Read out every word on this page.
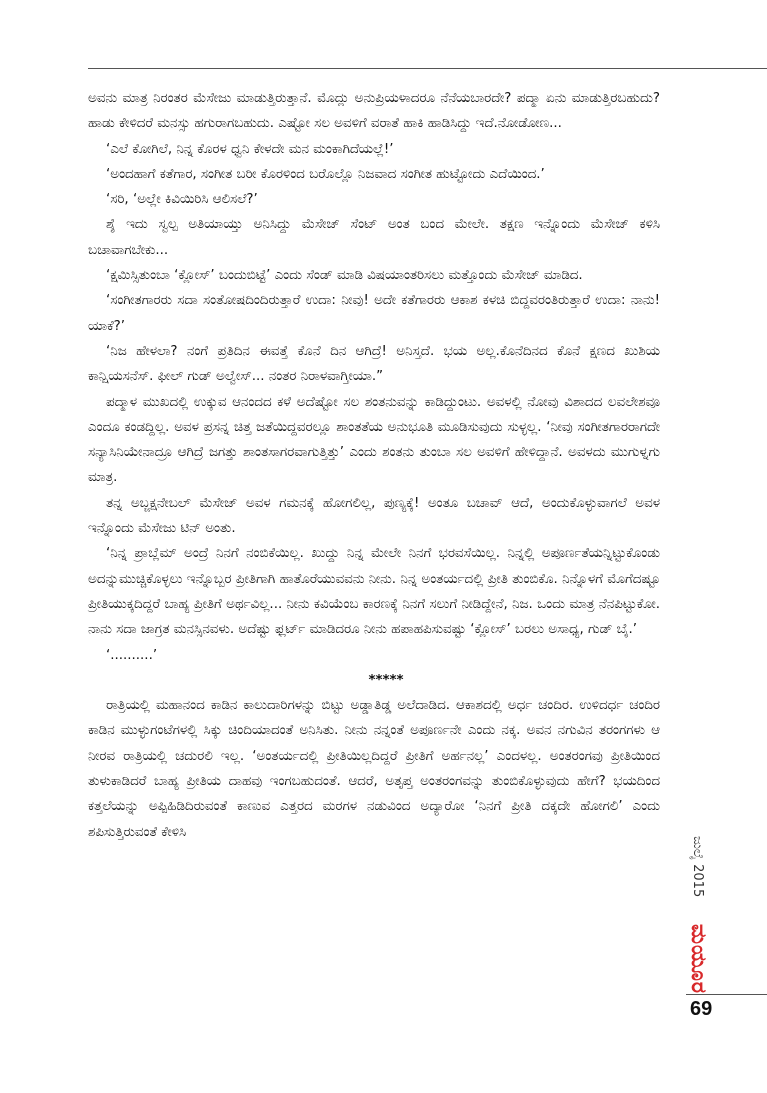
ಅವನು ಮಾತ್ರ ನಿರಂತರ ಮೆಸೇಜು ಮಾಡುತ್ತಿರುತ್ತಾನೆ. ಮೊದ್ಲು ಅನುಪ್ರಿಯಳಾದರೂ ನೆನೆಯಬಾರದೇ? ಪದ್ಮಾ ಏನು ಮಾಡುತ್ತಿರಬಹುದು? ಹಾಡು ಕೇಳಿದರೆ ಮನಸ್ಸು ಹಗುರಾಗಬಹುದು. ಎಷ್ಟೋ ಸಲ ಅವಳಿಗೆ ವರಾತೆ ಹಾಕಿ ಹಾಡಿಸಿದ್ದು ಇದೆ.ನೋಡೋಣ...

‘ಎಲೆ ಕೋಗಿಲೆ, ನಿನ್ನ ಕೊರಳ ಧ್ವನಿ ಕೇಳದೇ ಮನ ಮಂಕಾಗಿದೆಯಲ್ಲೆ!’

‘ಅಂದಹಾಗೆ ಕತೆಗಾರ, ಸಂಗೀತ ಬರೀ ಕೊರಳಿಂದ ಬರೊಲ್ಲೊ ನಿಜವಾದ ಸಂಗೀತ ಹುಟ್ಟೋದು ಎದೆಯಿಂದ.’

‘ಸರಿ, ‘ಅಲ್ಲೇ ಕಿವಿಯಿರಿಸಿ ಆಲಿಸಲೆ?’

ಶ್ಶೆ ಇದು ಸ್ವಲ್ಪ ಅತಿಯಾಯ್ತು ಅನಿಸಿದ್ದು ಮೆಸೇಜ್ ಸೆಂಟ್ ಅಂತ ಬಂದ ಮೇಲೇ. ತಕ್ಷಣ ಇನ್ನೊಂದು ಮೆಸೇಜ್ ಕಳಿಸಿ ಬಚಾವಾಗಬೇಕು...

‘ಕ್ಷಮಿಸ್ಸಿತುಂಬಾ ‘ಕ್ಲೋಸ್’ ಬಂದುಬಿಟ್ಟೆ’ ಎಂದು ಸೆಂಡ್ ಮಾಡಿ ವಿಷಯಾಂತರಿಸಲು ಮತ್ತೊಂದು ಮೆಸೇಜ್ ಮಾಡಿದ.

‘ಸಂಗೀತಗಾರರು ಸದಾ ಸಂತೋಷದಿಂದಿರುತ್ತಾರೆ ಉದಾ: ನೀವು! ಅದೇ ಕತೆಗಾರರು ಆಕಾಶ ಕಳಚಿ ಬಿದ್ದವರಂತಿರುತ್ತಾರೆ ಉದಾ: ನಾನು! ಯಾಕೆ?’

‘ನಿಜ ಹೇಳಲಾ? ನಂಗೆ ಪ್ರತಿದಿನ ಈವತ್ತೆ ಕೊನೆ ದಿನ ಆಗಿದ್ರೆ! ಅನಿಸ್ತದೆ. ಭಯ ಅಲ್ಲ.ಕೊನೆದಿನದ ಕೊನೆ ಕ್ಷಣದ ಖುಶಿಯ ಕಾನ್ಷಿಯಸನೆಸ್. ಫೀಲ್ ಗುಡ್ ಅಲ್ವೇಸ್... ನಂತರ ನಿರಾಳವಾಗ್ತೀಯಾ.”

ಪದ್ಮಾಳ ಮುಖದಲ್ಲಿ ಉಕ್ಕುವ ಆನಂದದ ಕಳೆ ಅದೆಷ್ಟೋ ಸಲ ಶಂತನುವನ್ನು ಕಾಡಿದ್ದುಂಟು. ಅವಳಲ್ಲಿ ನೋವು ವಿಶಾದದ ಲವಲೇಶವೂ ಎಂದೂ ಕಂಡದ್ದಿಲ್ಲ. ಅವಳ ಪ್ರಸನ್ನ ಚಿತ್ತ ಜತೆಯಿದ್ದವರಲ್ಲೂ ಶಾಂತತೆಯ ಅನುಭೂತಿ ಮೂಡಿಸುವುದು ಸುಳ್ಳಲ್ಲ. ‘ನೀವು ಸಂಗೀತಗಾರರಾಗದೇ ಸನ್ಯಾಸಿನಿಯೇನಾದ್ರೂ ಆಗಿದ್ರೆ ಜಗತ್ತು ಶಾಂತಸಾಗರವಾಗುತ್ತಿತ್ತು’ ಎಂದು ಶಂತನು ತುಂಬಾ ಸಲ ಅವಳಿಗೆ ಹೇಳಿದ್ದಾನೆ. ಅವಳದು ಮುಗುಳ್ನಗು ಮಾತ್ರ.

ತನ್ನ ಅಬ್ಜಕ್ಷನೇಬಲ್ ಮೆಸೇಜ್ ಅವಳ ಗಮನಕ್ಕೆ ಹೋಗಲಿಲ್ಲ, ಪುಣ್ಯಕ್ಕೆ! ಅಂತೂ ಬಚಾವ್ ಆದೆ, ಅಂದುಕೊಳ್ಳುವಾಗಲೆ ಅವಳ ಇನ್ನೊಂದು ಮೆಸೇಜು ಟಿನ್ ಅಂತು.

‘ನಿನ್ನ ಪ್ರಾಬ್ಲೆಮ್ ಅಂದ್ರೆ ನಿನಗೆ ನಂಬಿಕೆಯಿಲ್ಲ. ಖುದ್ದು ನಿನ್ನ ಮೇಲೇ ನಿನಗೆ ಭರವಸೆಯಿಲ್ಲ. ನಿನ್ನಲ್ಲಿ ಅಪೂರ್ಣತೆಯನ್ನಿಟ್ಟುಕೊಂಡು ಅದನ್ನುಮುಚ್ಚಿಕೊಳ್ಳಲು ಇನ್ನೊಬ್ಬರ ಪ್ರೀತಿಗಾಗಿ ಹಾತೊರೆಯುವವನು ನೀನು. ನಿನ್ನ ಅಂತರ್ಯದಲ್ಲಿ ಪ್ರೀತಿ ತುಂಬಿಕೊ. ನಿನ್ನೊಳಗೆ ಮೊಗೆದಷ್ಟೂ ಪ್ರೀತಿಯುಕ್ಕದಿದ್ದರೆ ಬಾಹ್ಯ ಪ್ರೀತಿಗೆ ಅರ್ಥವಿಲ್ಲ... ನೀನು ಕವಿಯೆಂಬ ಕಾರಣಕ್ಕೆ ನಿನಗೆ ಸಲುಗೆ ನೀಡಿದ್ದೇನೆ, ನಿಜ. ಒಂದು ಮಾತ್ರ ನೆನಪಿಟ್ಟುಕೋ. ನಾನು ಸದಾ ಜಾಗ್ರತ ಮನಸ್ಸಿನವಳು. ಅದೆಷ್ಟು ಫ್ಲರ್ಟ್ ಮಾಡಿದರೂ ನೀನು ಹಪಾಹಪಿಸುವಷ್ಟು ‘ಕ್ಲೋಸ್’ ಬರಲು ಅಸಾಧ್ಯ, ಗುಡ್ ಬೈ.’

‘..........’

*****

ರಾತ್ರಿಯಲ್ಲಿ ಮಹಾನಂದ ಕಾಡಿನ ಕಾಲುದಾರಿಗಳನ್ನು ಬಿಟ್ಟು ಅಡ್ಡಾತಿಡ್ಡ ಅಲೆದಾಡಿದ. ಆಕಾಶದಲ್ಲಿ ಅರ್ಧ ಚಂದಿರ. ಉಳಿದರ್ಧ ಚಂದಿರ ಕಾಡಿನ ಮುಳ್ಳುಗಂಟೆಗಳಲ್ಲಿ ಸಿಕ್ಕು ಚಿಂದಿಯಾದಂತೆ ಅನಿಸಿತು. ನೀನು ನನ್ನಂತೆ ಅಪೂರ್ಣನೇ ಎಂದು ನಕ್ಕ. ಅವನ ನಗುವಿನ ತರಂಗಗಳು ಆ ನೀರವ ರಾತ್ರಿಯಲ್ಲಿ ಚದುರಲಿ ಇಲ್ಲ. ‘ಅಂತರ್ಯದಲ್ಲಿ ಪ್ರೀತಿಯಿಲ್ಲದಿದ್ದರೆ ಪ್ರೀತಿಗೆ ಅರ್ಹನಲ್ಲ’ ಎಂದಳಲ್ಲ. ಅಂತರಂಗವು ಪ್ರೀತಿಯಿಂದ ತುಳುಕಾಡಿದರೆ ಬಾಹ್ಯ ಪ್ರೀತಿಯ ದಾಹವು ಇಂಗಬಹುದಂತೆ. ಆದರೆ, ಅತೃಪ್ತ ಅಂತರಂಗವನ್ನು ತುಂಬಿಕೊಳ್ಳುವುದು ಹೇಗೆ? ಭಯದಿಂದ ಕತ್ತಲೆಯನ್ನು ಅಪ್ಪಿಹಿಡಿದಿರುವಂತೆ ಕಾಣುವ ಎತ್ತರದ ಮರಗಳ ನಡುವಿಂದ ಅದ್ಯಾರೋ ‘ನಿನಗೆ ಪ್ರೀತಿ ದಕ್ಕದೇ ಹೋಗಲಿ’ ಎಂದು ಶಪಿಸುತ್ತಿರುವಂತೆ ಕೇಳಿಸಿ

ಜುಲೈ 2015
ಮಯೂರ
69
